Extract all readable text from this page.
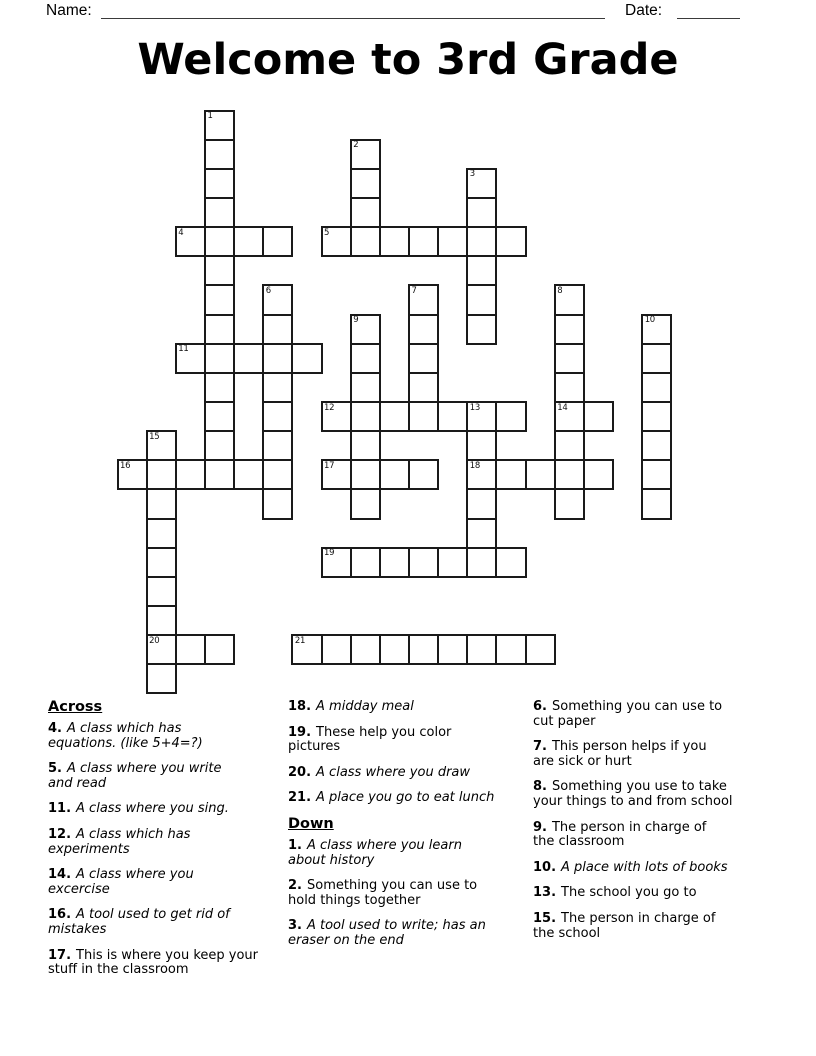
Name:	Date:
Welcome to 3rd Grade
1
2
3
4	5
6	7	8
9	10
11
12	13	14
15
16	17	18
19
20	21
Across
4. A class which has
equations. (like 5+4=?)
5. A class where you write
and read
11. A class where you sing.
12. A class which has
experiments
14. A class where you
excercise
16. A tool used to get rid of
mistakes
17. This is where you keep your
stuff in the classroom
18. A midday meal
19. These help you color
pictures
20. A class where you draw
21. A place you go to eat lunch
Down
1. A class where you learn
about history
2. Something you can use to
hold things together
3. A tool used to write; has an
eraser on the end
6. Something you can use to
cut paper
7. This person helps if you
are sick or hurt
8. Something you use to take
your things to and from school
9. The person in charge of
the classroom
10. A place with lots of books
13. The school you go to
15. The person in charge of
the school
